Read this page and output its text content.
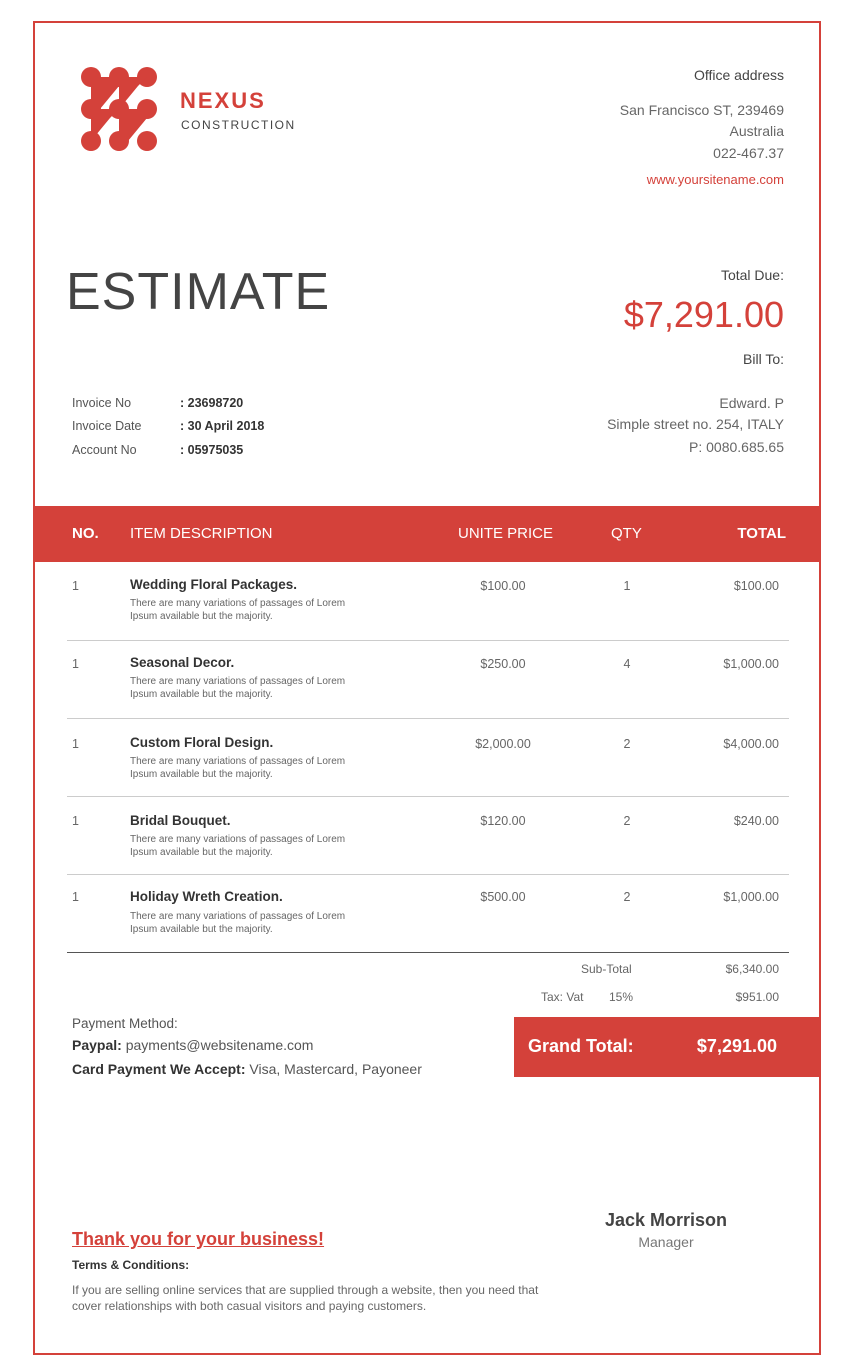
NEXUS
CONSTRUCTION
Office address
San Francisco ST, 239469
Australia
022-467.37
www.yoursitename.com
ESTIMATE	Total Due:
$7,291.00
Bill To:
Edward. P
Simple street no. 254, ITALY
P: 0080.685.65
Invoice No	: 23698720
Invoice Date	: 30 April 2018
Account No	: 05975035
NO. ITEM DESCRIPTION	UNITE PRICE	QTY	TOTAL
1	Wedding Floral Packages.
There are many variations of passages of Lorem
Ipsum available but the majority.
$100.00	1	$100.00
1	Seasonal Decor.
There are many variations of passages of Lorem
Ipsum available but the majority.
$250.00	4	$1,000.00
1	Custom Floral Design.
There are many variations of passages of Lorem
Ipsum available but the majority.
$2,000.00	2	$4,000.00
1	Bridal Bouquet.
There are many variations of passages of Lorem
Ipsum available but the majority.
$120.00	2	$240.00
1	Holiday Wreth Creation.
There are many variations of passages of Lorem
Ipsum available but the majority.
$500.00	2	$1,000.00
Sub-Total	$6,340.00
Tax: Vat 15%	$951.00
Grand Total:	$7,291.00
Payment Method:
Paypal: payments@websitename.com
Card Payment We Accept: Visa, Mastercard, Payoneer
Jack Morrison
Manager
Thank you for your business!
Terms & Conditions:
If you are selling online services that are supplied through a website, then you need that cover relationships with both casual visitors and paying customers.
